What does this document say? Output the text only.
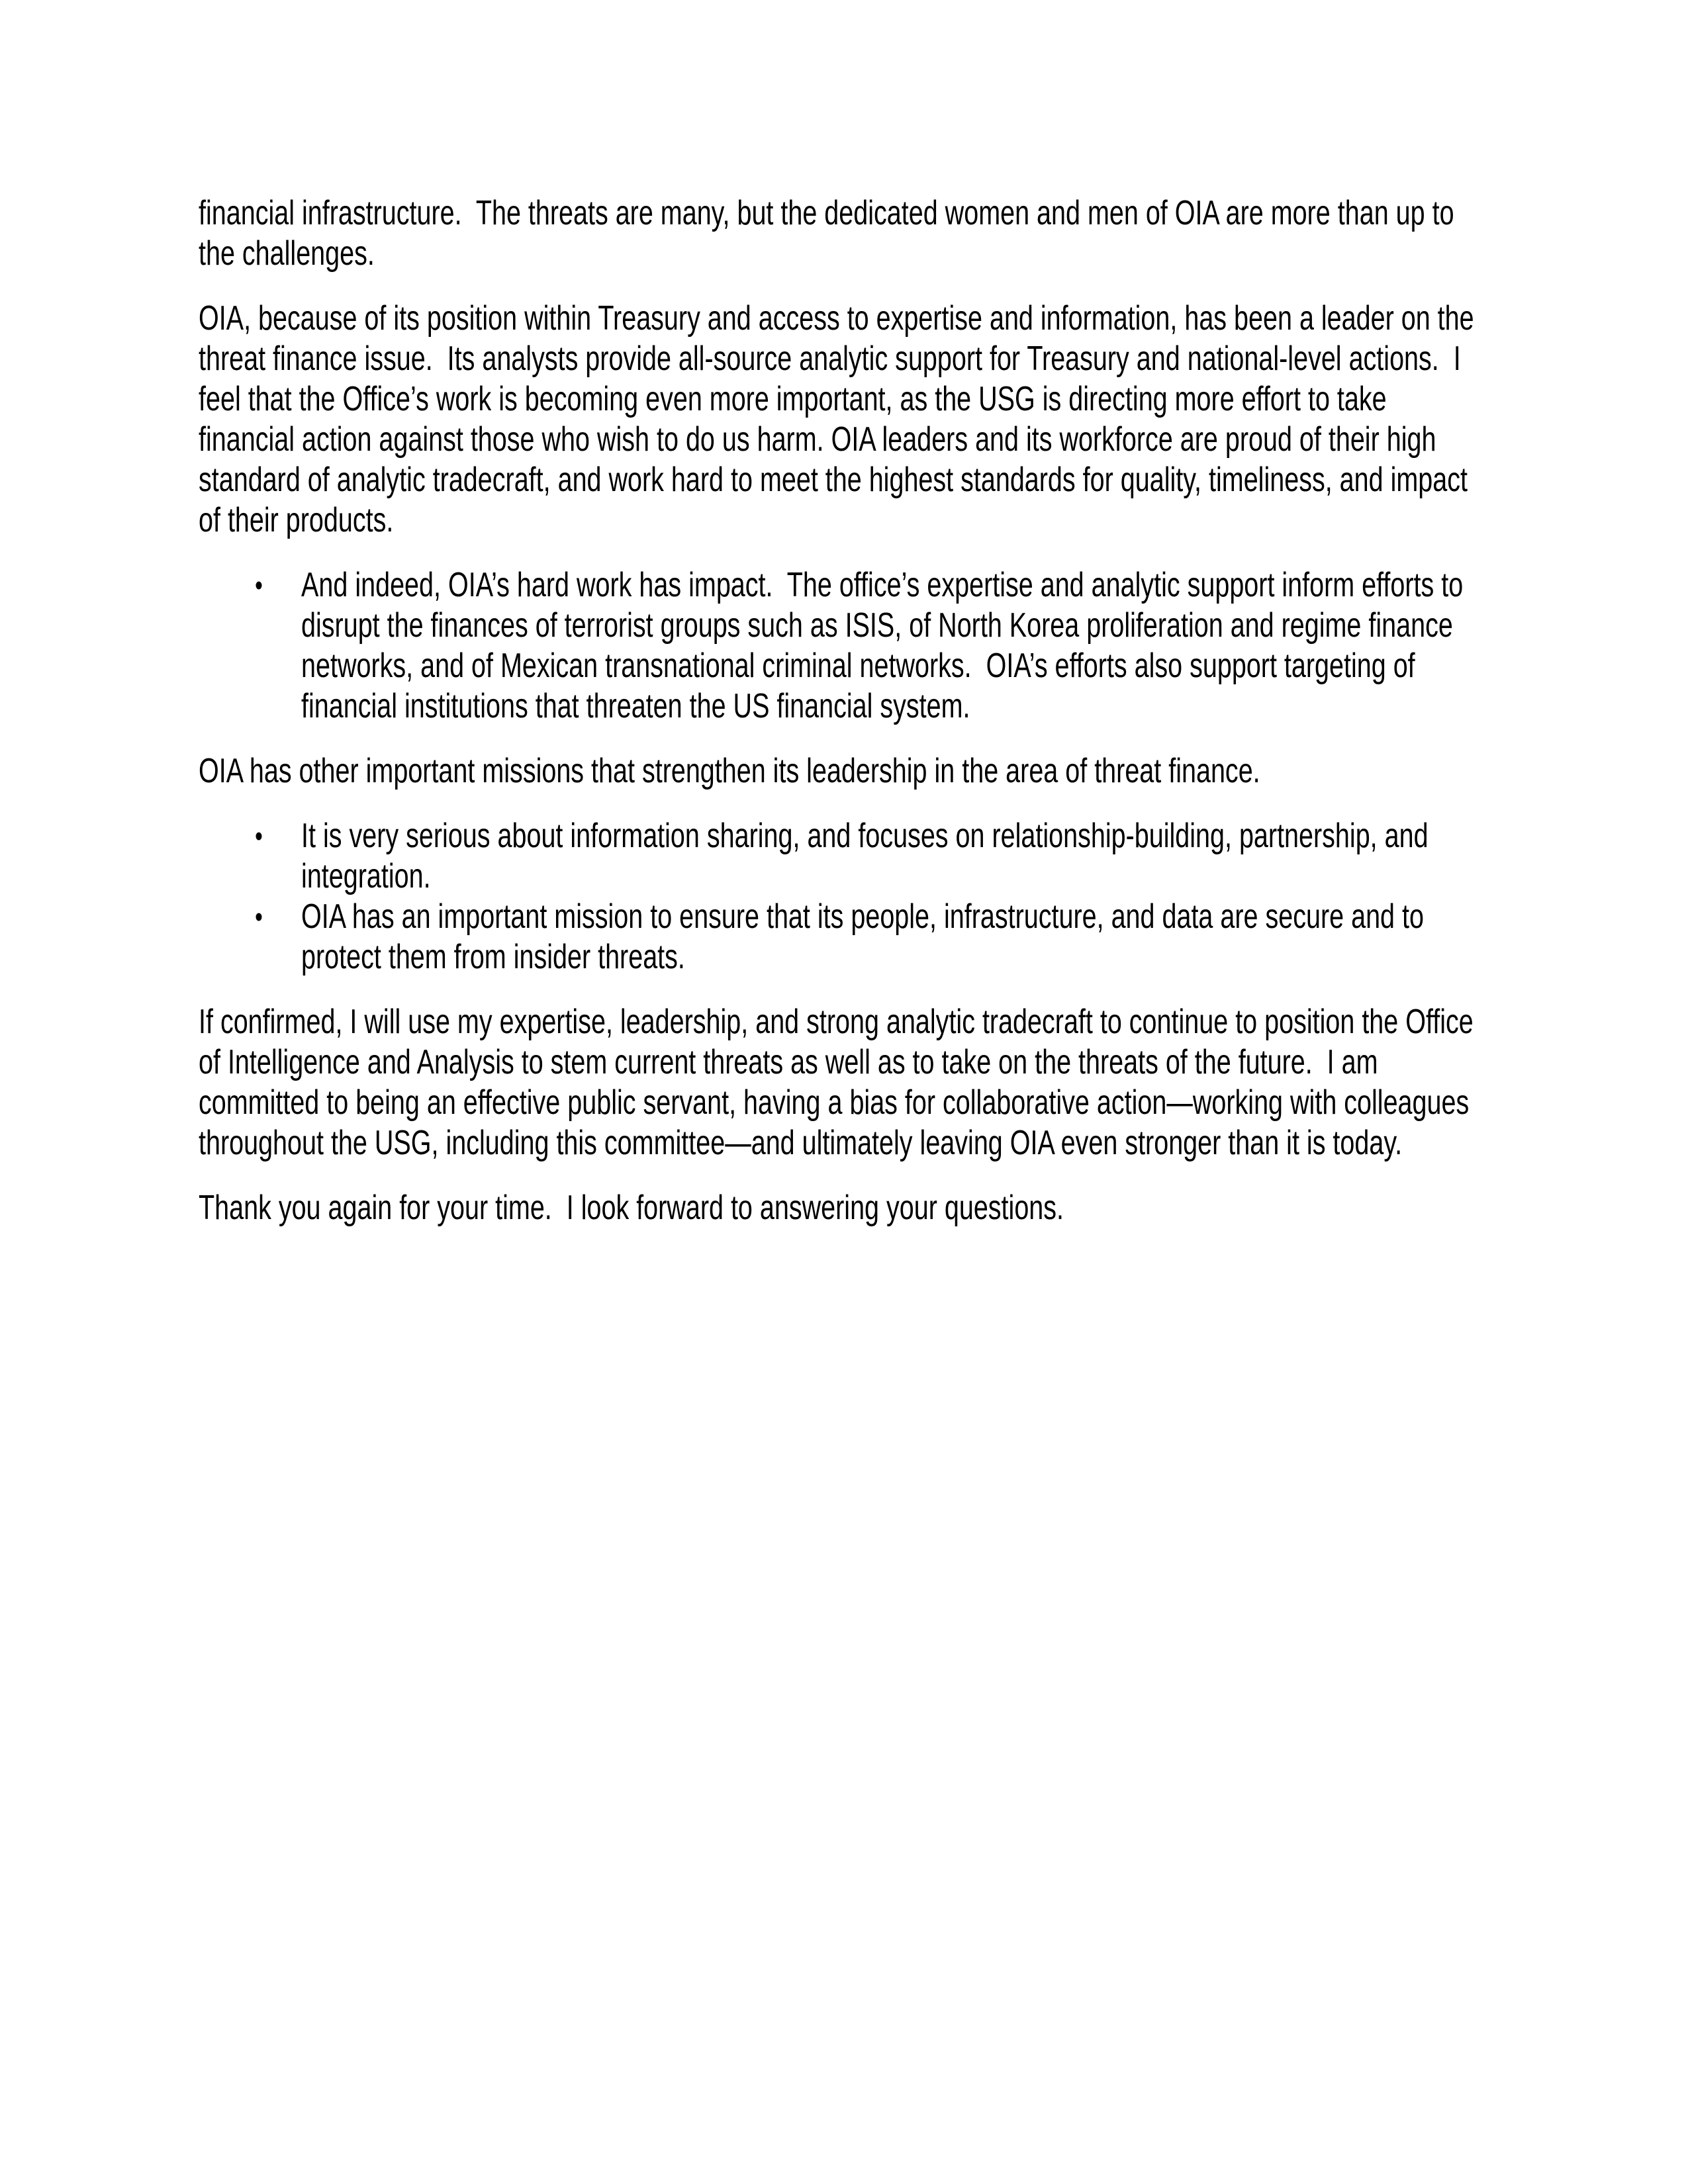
financial infrastructure.  The threats are many, but the dedicated women and men of OIA are more than up to the challenges.
OIA, because of its position within Treasury and access to expertise and information, has been a leader on the threat finance issue.  Its analysts provide all-source analytic support for Treasury and national-level actions.  I feel that the Office’s work is becoming even more important, as the USG is directing more effort to take financial action against those who wish to do us harm. OIA leaders and its workforce are proud of their high standard of analytic tradecraft, and work hard to meet the highest standards for quality, timeliness, and impact of their products.
• And indeed, OIA’s hard work has impact.  The office’s expertise and analytic support inform efforts to disrupt the finances of terrorist groups such as ISIS, of North Korea proliferation and regime finance networks, and of Mexican transnational criminal networks.  OIA’s efforts also support targeting of financial institutions that threaten the US financial system.
OIA has other important missions that strengthen its leadership in the area of threat finance.
• It is very serious about information sharing, and focuses on relationship-building, partnership, and integration.
• OIA has an important mission to ensure that its people, infrastructure, and data are secure and to protect them from insider threats.
If confirmed, I will use my expertise, leadership, and strong analytic tradecraft to continue to position the Office of Intelligence and Analysis to stem current threats as well as to take on the threats of the future.  I am committed to being an effective public servant, having a bias for collaborative action—working with colleagues throughout the USG, including this committee—and ultimately leaving OIA even stronger than it is today.
Thank you again for your time.  I look forward to answering your questions.
